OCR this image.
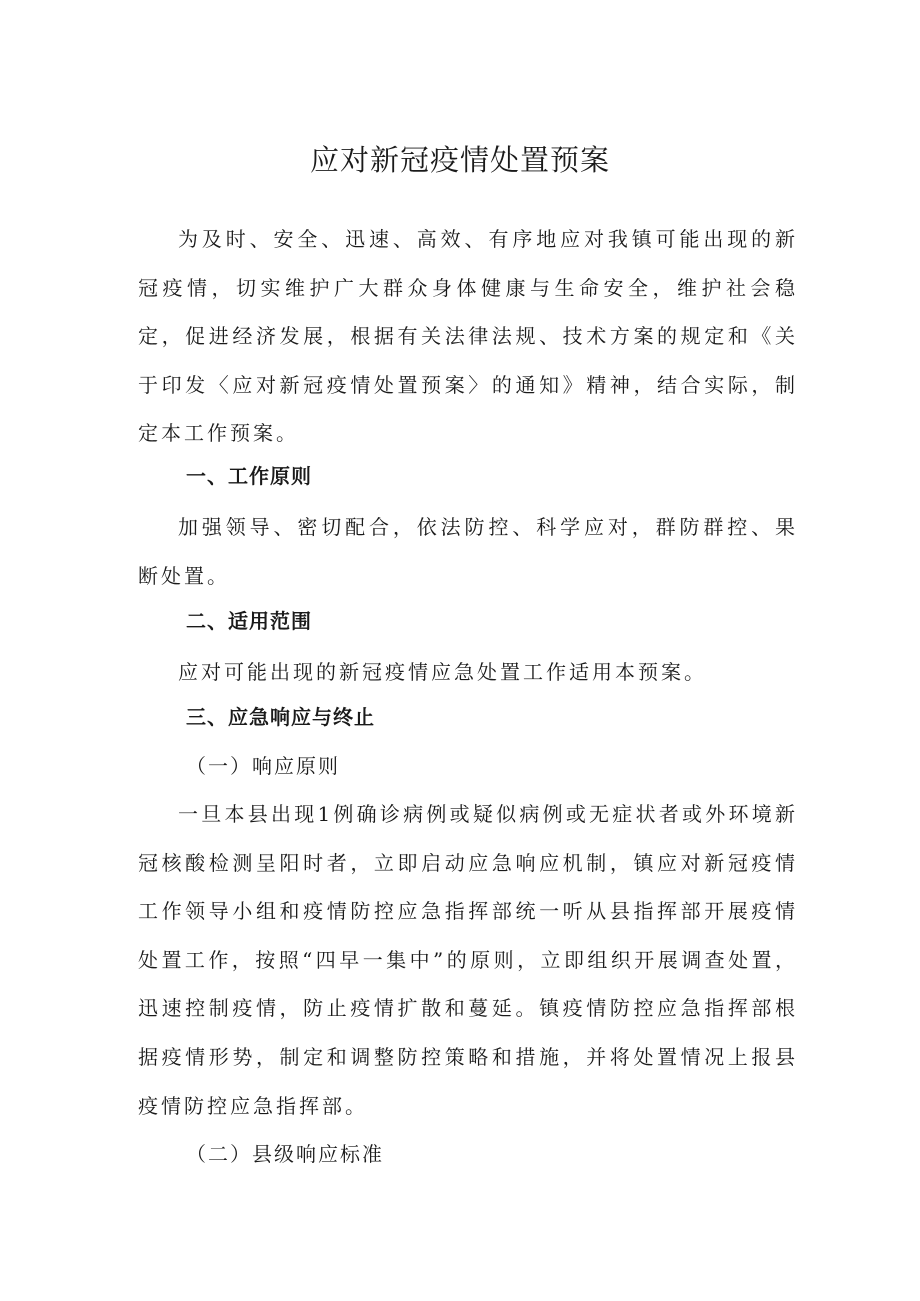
应对新冠疫情处置预案

为及时、安全、迅速、高效、有序地应对我镇可能出现的新冠疫情，切实维护广大群众身体健康与生命安全，维护社会稳定，促进经济发展，根据有关法律法规、技术方案的规定和《关于印发〈应对新冠疫情处置预案〉的通知》精神，结合实际，制定本工作预案。

一、工作原则

加强领导、密切配合，依法防控、科学应对，群防群控、果断处置。

二、适用范围

应对可能出现的新冠疫情应急处置工作适用本预案。

三、应急响应与终止

（一）响应原则

一旦本县出现1例确诊病例或疑似病例或无症状者或外环境新冠核酸检测呈阳时者，立即启动应急响应机制，镇应对新冠疫情工作领导小组和疫情防控应急指挥部统一听从县指挥部开展疫情处置工作，按照“四早一集中”的原则，立即组织开展调查处置，迅速控制疫情，防止疫情扩散和蔓延。镇疫情防控应急指挥部根据疫情形势，制定和调整防控策略和措施，并将处置情况上报县疫情防控应急指挥部。

（二）县级响应标准
